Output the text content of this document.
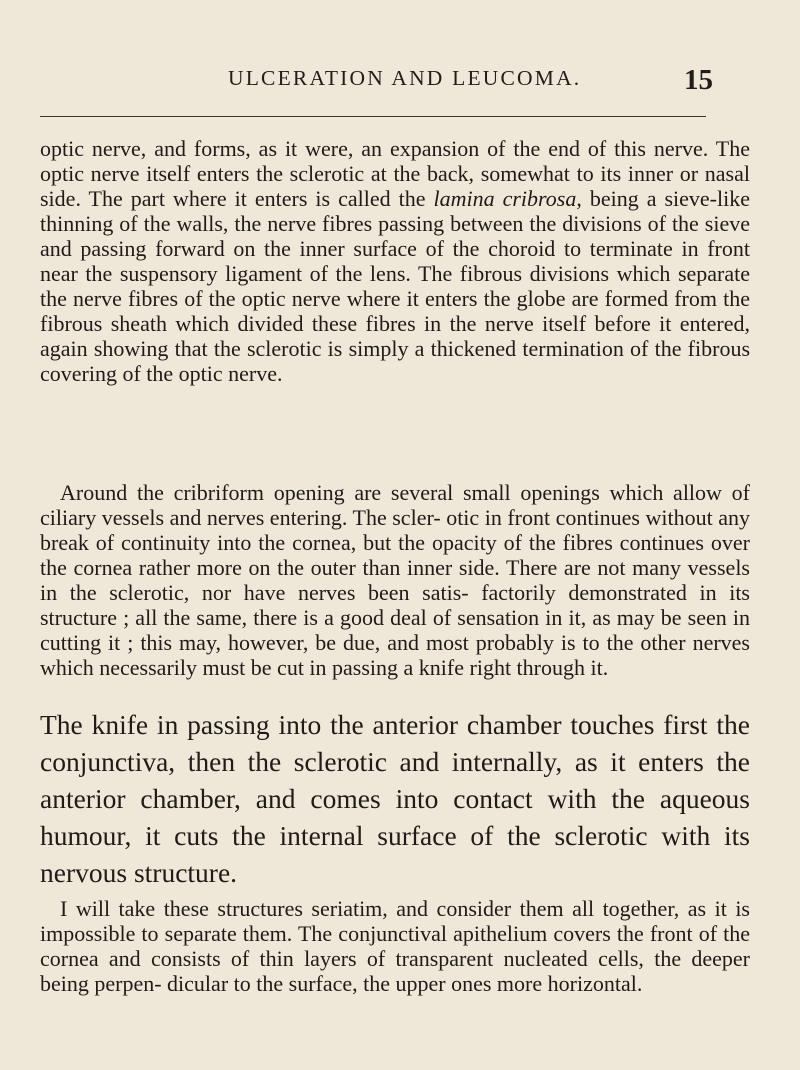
ULCERATION AND LEUCOMA.	15

optic nerve, and forms, as it were, an expansion of the end of this nerve. The optic nerve itself enters the sclerotic at the back, somewhat to its inner or nasal side. The part where it enters is called the lamina cribrosa, being a sieve-like thinning of the walls, the nerve fibres passing between the divisions of the sieve and passing forward on the inner surface of the choroid to terminate in front near the suspensory ligament of the lens. The fibrous divisions which separate the nerve fibres of the optic nerve where it enters the globe are formed from the fibrous sheath which divided these fibres in the nerve itself before it entered, again showing that the sclerotic is simply a thickened termination of the fibrous covering of the optic nerve.

Around the cribriform opening are several small openings which allow of ciliary vessels and nerves entering. The scler- otic in front continues without any break of continuity into the cornea, but the opacity of the fibres continues over the cornea rather more on the outer than inner side. There are not many vessels in the sclerotic, nor have nerves been satis- factorily demonstrated in its structure ; all the same, there is a good deal of sensation in it, as may be seen in cutting it ; this may, however, be due, and most probably is to the other nerves which necessarily must be cut in passing a knife right through it.

The knife in passing into the anterior chamber touches first the conjunctiva, then the sclerotic and internally, as it enters the anterior chamber, and comes into contact with the aqueous humour, it cuts the internal surface of the sclerotic with its nervous structure.

I will take these structures seriatim, and consider them all together, as it is impossible to separate them. The conjunctival apithelium covers the front of the cornea and consists of thin layers of transparent nucleated cells, the deeper being perpen- dicular to the surface, the upper ones more horizontal.
